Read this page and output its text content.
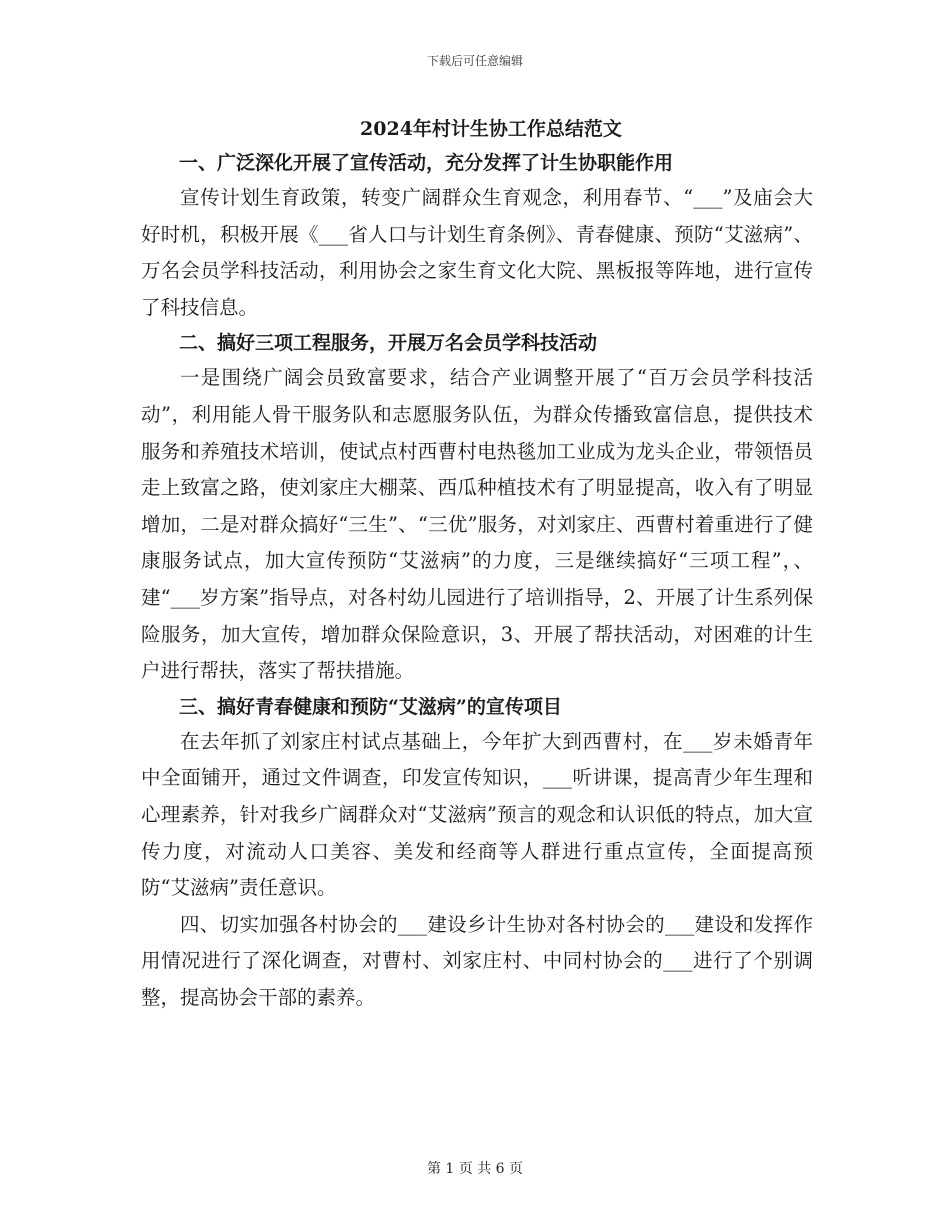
下载后可任意编辑
2024年村计生协工作总结范文
一、广泛深化开展了宣传活动，充分发挥了计生协职能作用
宣传计划生育政策，转变广阔群众生育观念，利用春节、“___”及庙会大好时机，积极开展《___省人口与计划生育条例》、青春健康、预防“艾滋病”、万名会员学科技活动，利用协会之家生育文化大院、黑板报等阵地，进行宣传了科技信息。
二、搞好三项工程服务，开展万名会员学科技活动
一是围绕广阔会员致富要求，结合产业调整开展了“百万会员学科技活动”，利用能人骨干服务队和志愿服务队伍，为群众传播致富信息，提供技术服务和养殖技术培训，使试点村西曹村电热毯加工业成为龙头企业，带领悟员走上致富之路，使刘家庄大棚菜、西瓜种植技术有了明显提高，收入有了明显增加，二是对群众搞好“三生”、“三优”服务，对刘家庄、西曹村着重进行了健康服务试点，加大宣传预防“艾滋病”的力度，三是继续搞好“三项工程”，、建“___岁方案”指导点，对各村幼儿园进行了培训指导，2、开展了计生系列保险服务，加大宣传，增加群众保险意识，3、开展了帮扶活动，对困难的计生户进行帮扶，落实了帮扶措施。
三、搞好青春健康和预防“艾滋病”的宣传项目
在去年抓了刘家庄村试点基础上，今年扩大到西曹村，在___岁未婚青年中全面铺开，通过文件调查，印发宣传知识，___听讲课，提高青少年生理和心理素养，针对我乡广阔群众对“艾滋病”预言的观念和认识低的特点，加大宣传力度，对流动人口美容、美发和经商等人群进行重点宣传，全面提高预防“艾滋病”责任意识。
四、切实加强各村协会的___建设乡计生协对各村协会的___建设和发挥作用情况进行了深化调查，对曹村、刘家庄村、中同村协会的___进行了个别调整，提高协会干部的素养。
第 1 页 共 6 页
